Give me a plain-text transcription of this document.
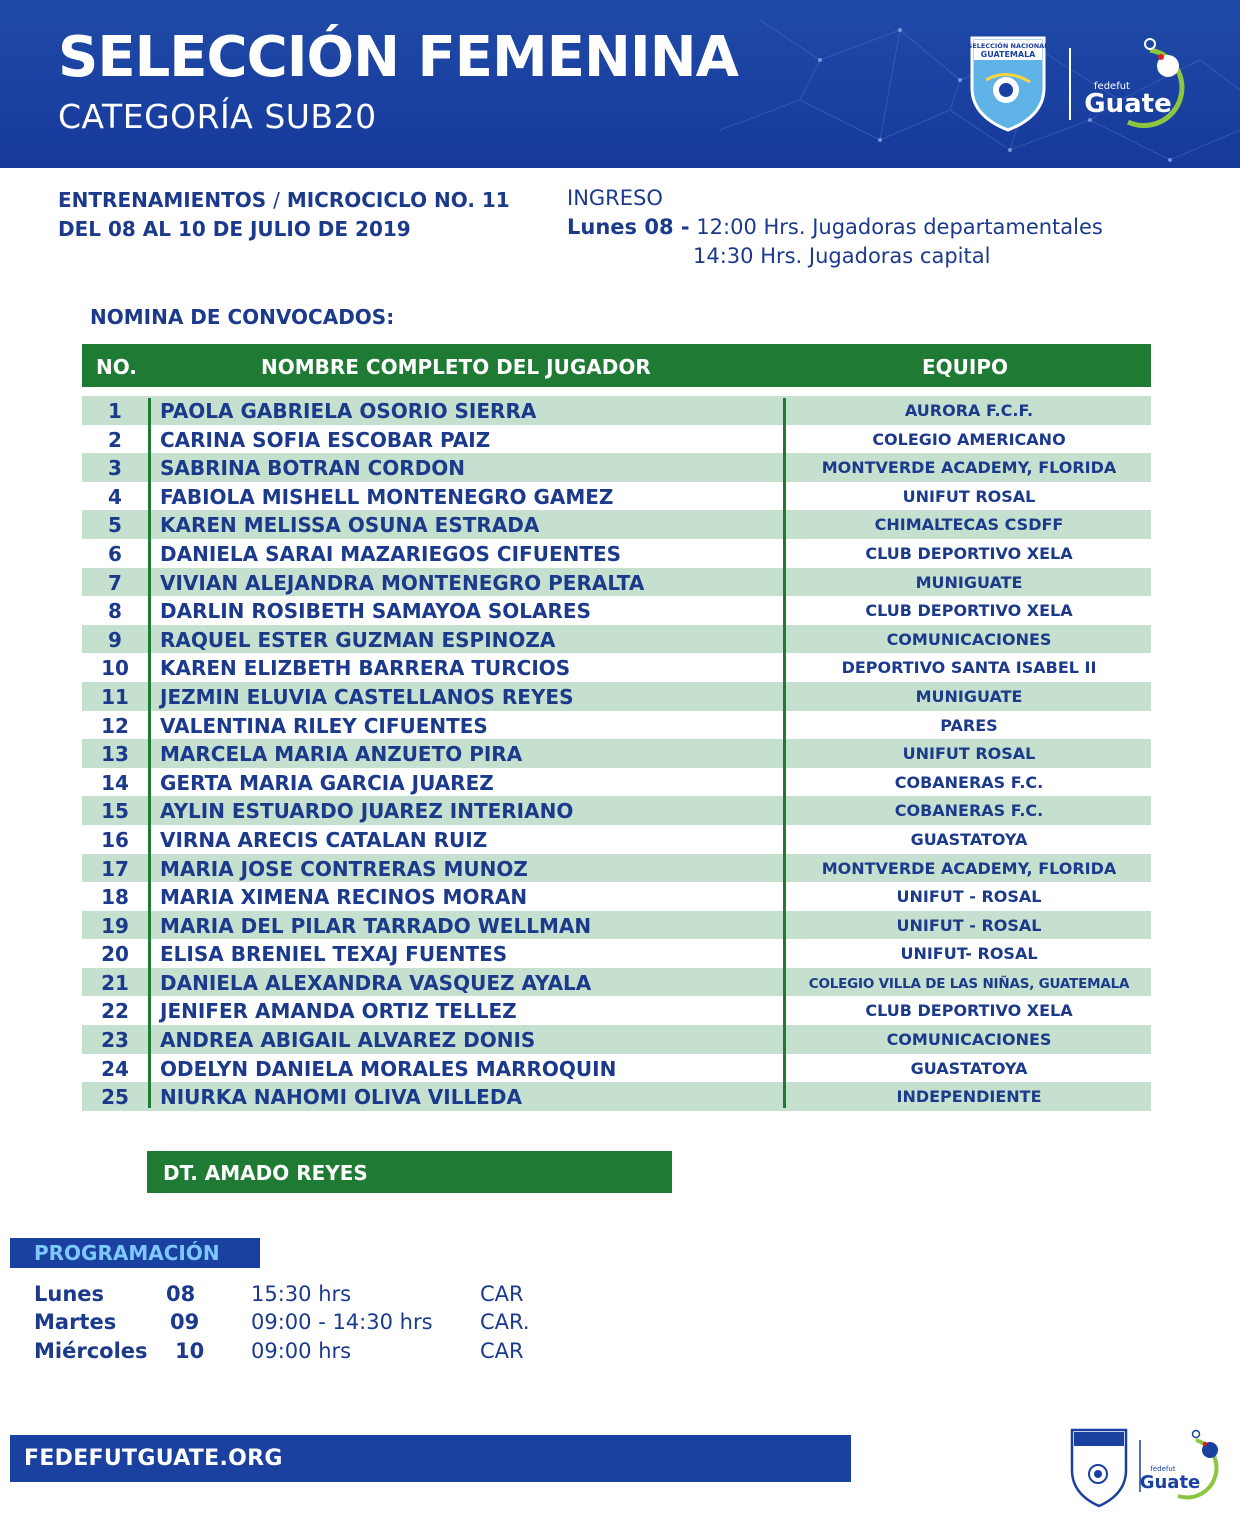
SELECCIÓN FEMENINA
CATEGORÍA SUB20
SELECCIÓN NACIONAL
GUATEMALA
fedefut
Guate
ENTRENAMIENTOS / MICROCICLO NO. 11
DEL 08 AL 10 DE JULIO DE 2019
INGRESO
Lunes 08 - 12:00 Hrs. Jugadoras departamentales
14:30 Hrs. Jugadoras capital
NOMINA DE CONVOCADOS:
NO.	NOMBRE COMPLETO DEL JUGADOR	EQUIPO
1	PAOLA GABRIELA OSORIO SIERRA	AURORA F.C.F.
2	CARINA SOFIA ESCOBAR PAIZ	COLEGIO AMERICANO
3	SABRINA BOTRAN CORDON	MONTVERDE ACADEMY, FLORIDA
4	FABIOLA MISHELL MONTENEGRO GAMEZ	UNIFUT ROSAL
5	KAREN MELISSA OSUNA ESTRADA	CHIMALTECAS CSDFF
6	DANIELA SARAI MAZARIEGOS CIFUENTES	CLUB DEPORTIVO XELA
7	VIVIAN ALEJANDRA MONTENEGRO PERALTA	MUNIGUATE
8	DARLIN ROSIBETH SAMAYOA SOLARES	CLUB DEPORTIVO XELA
9	RAQUEL ESTER GUZMAN ESPINOZA	COMUNICACIONES
10	KAREN ELIZBETH BARRERA TURCIOS	DEPORTIVO SANTA ISABEL II
11	JEZMIN ELUVIA CASTELLANOS REYES	MUNIGUATE
12	VALENTINA RILEY CIFUENTES	PARES
13	MARCELA MARIA ANZUETO PIRA	UNIFUT ROSAL
14	GERTA MARIA GARCIA JUAREZ	COBANERAS F.C.
15	AYLIN ESTUARDO JUAREZ INTERIANO	COBANERAS F.C.
16	VIRNA ARECIS CATALAN RUIZ	GUASTATOYA
17	MARIA JOSE CONTRERAS MUNOZ	MONTVERDE ACADEMY, FLORIDA
18	MARIA XIMENA RECINOS MORAN	UNIFUT - ROSAL
19	MARIA DEL PILAR TARRADO WELLMAN	UNIFUT - ROSAL
20	ELISA BRENIEL TEXAJ FUENTES	UNIFUT- ROSAL
21	DANIELA ALEXANDRA VASQUEZ AYALA	COLEGIO VILLA DE LAS NIÑAS, GUATEMALA
22	JENIFER AMANDA ORTIZ TELLEZ	CLUB DEPORTIVO XELA
23	ANDREA ABIGAIL ALVAREZ DONIS	COMUNICACIONES
24	ODELYN DANIELA MORALES MARROQUIN	GUASTATOYA
25	NIURKA NAHOMI OLIVA VILLEDA	INDEPENDIENTE
DT. AMADO REYES
PROGRAMACIÓN
Lunes	08	15:30 hrs	CAR
Martes	09 09:00 - 14:30 hrs CAR.
Miércoles 10 09:00 hrs	CAR
FEDEFUTGUATE.ORG	fedefut
Guate
